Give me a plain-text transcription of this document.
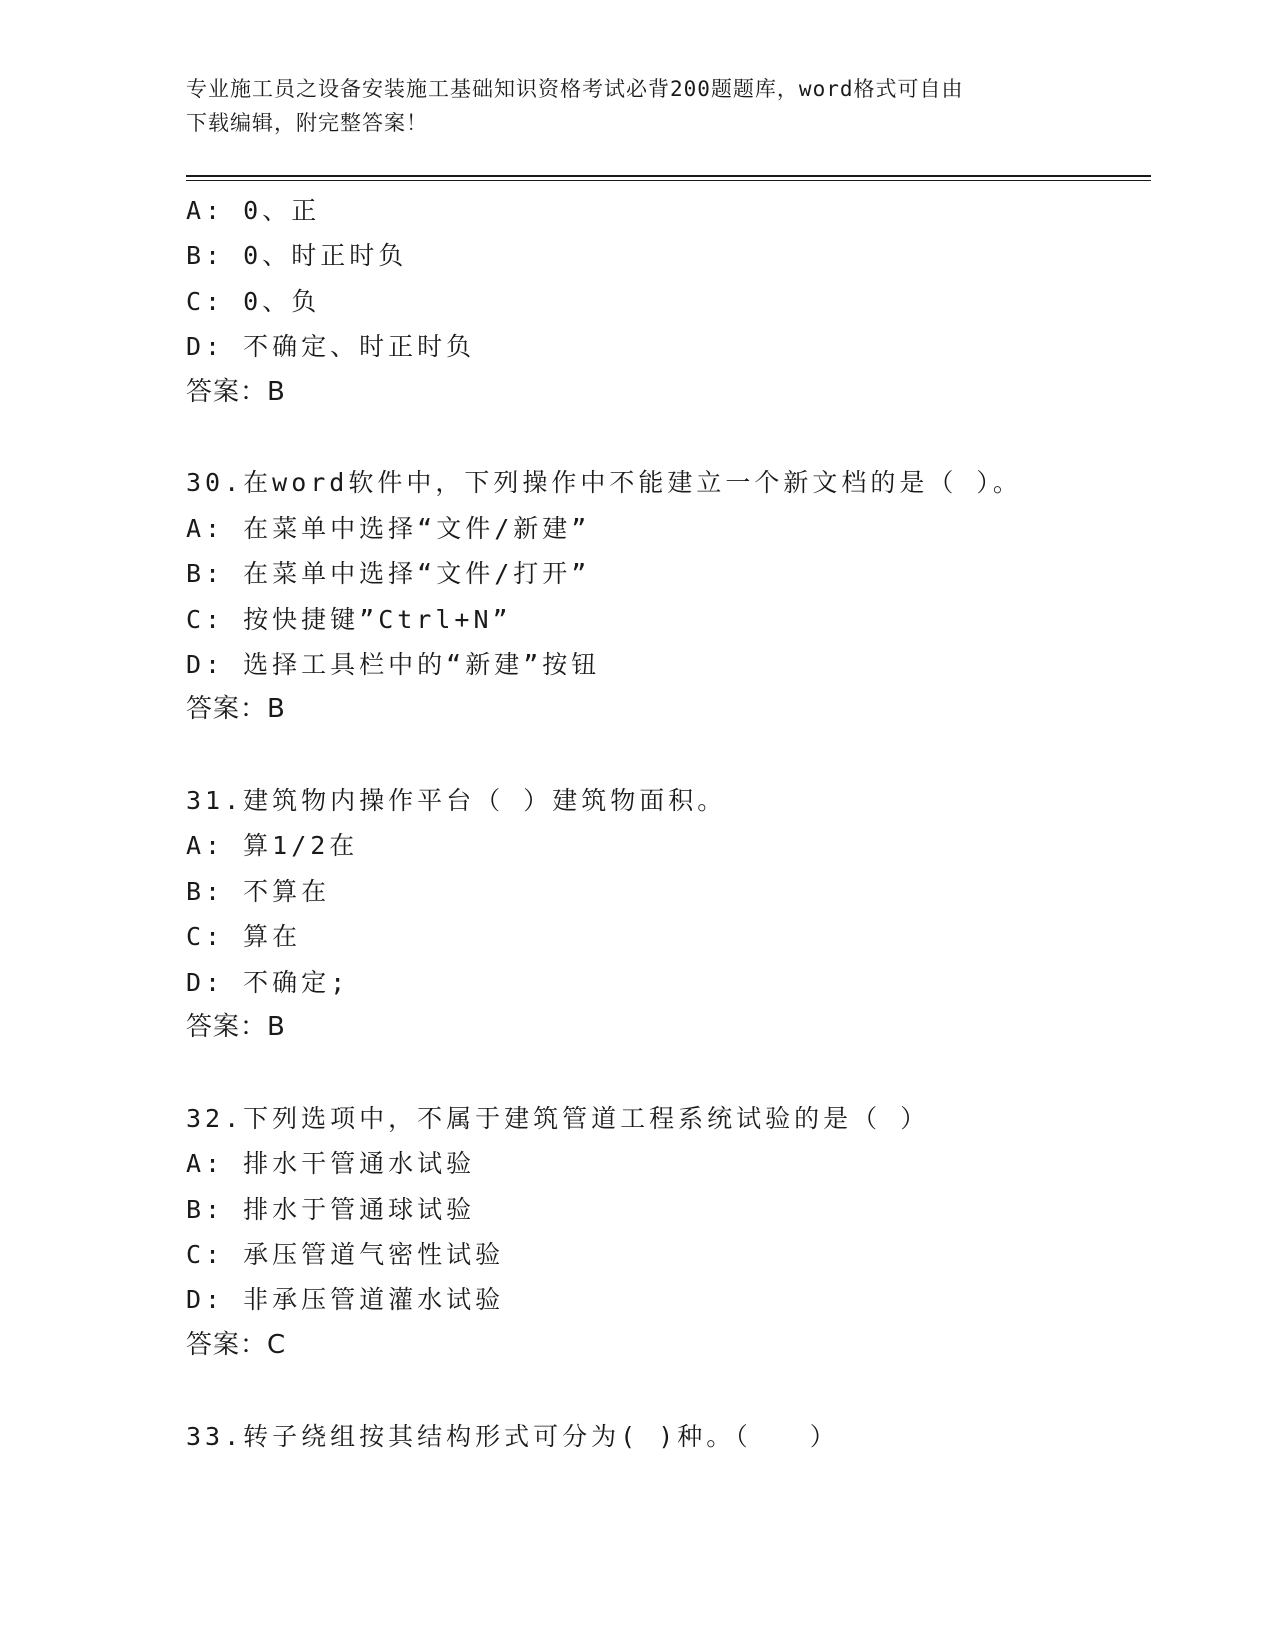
专业施工员之设备安装施工基础知识资格考试必背200题题库，word格式可自由
下载编辑，附完整答案！
A: 0、正
B: 0、时正时负
C: 0、负
D: 不确定、时正时负
答案：B
30.在word软件中，下列操作中不能建立一个新文档的是（ ）。
A: 在菜单中选择“文件/新建”
B: 在菜单中选择“文件/打开”
C: 按快捷键”Ctrl+N”
D: 选择工具栏中的“新建”按钮
答案：B
31.建筑物内操作平台（ ）建筑物面积。
A: 算1/2在
B: 不算在
C: 算在
D: 不确定;
答案：B
32.下列选项中，不属于建筑管道工程系统试验的是（ ）
A: 排水干管通水试验
B: 排水于管通球试验
C: 承压管道气密性试验
D: 非承压管道灌水试验
答案：C
33.转子绕组按其结构形式可分为( )种。（　　）
